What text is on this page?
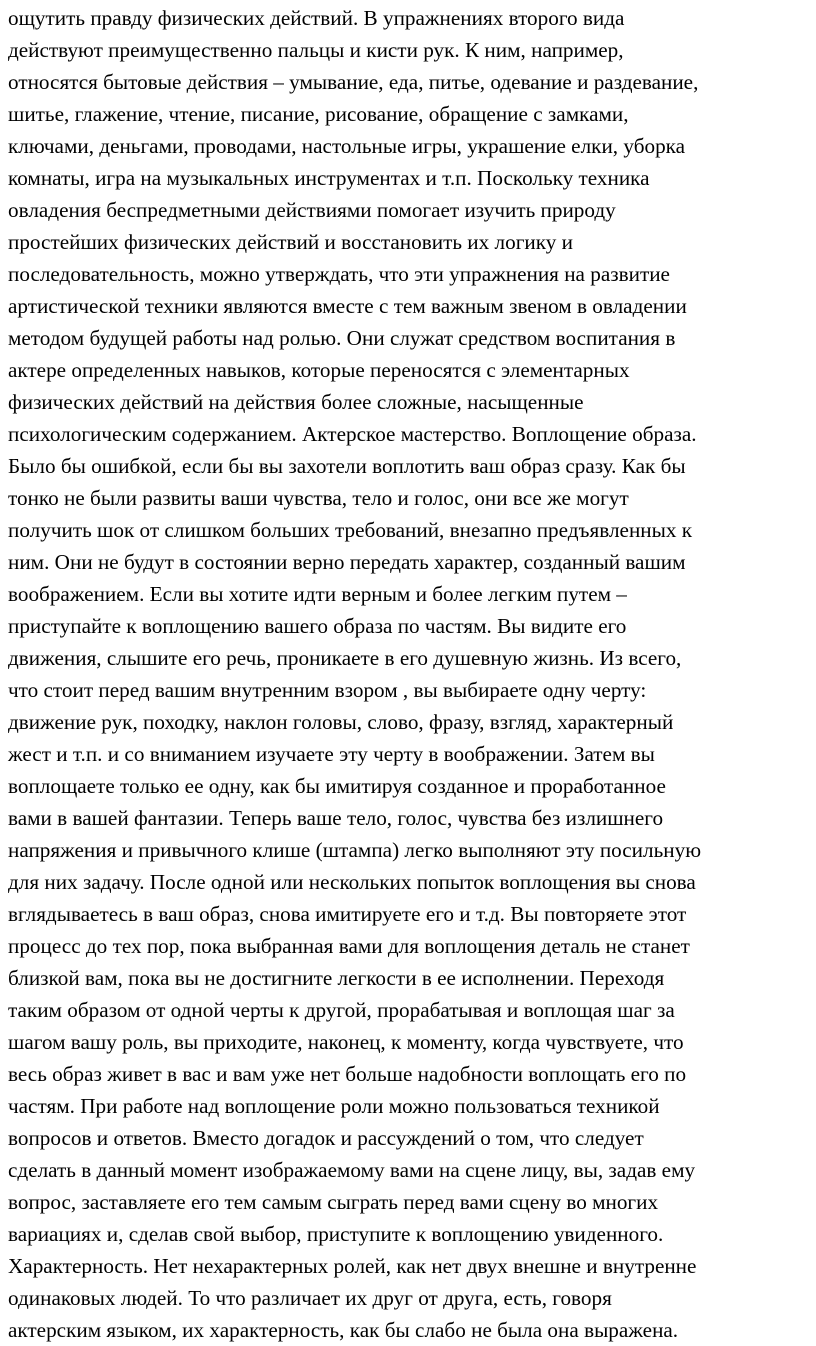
ощутить правду физических действий. В упражнениях второго вида
действуют преимущественно пальцы и кисти рук. К ним, например,
относятся бытовые действия – умывание, еда, питье, одевание и раздевание,
шитье, глажение, чтение, писание, рисование, обращение с замками,
ключами, деньгами, проводами, настольные игры, украшение елки, уборка
комнаты, игра на музыкальных инструментах и т.п. Поскольку техника
овладения беспредметными действиями помогает изучить природу
простейших физических действий и восстановить их логику и
последовательность, можно утверждать, что эти упражнения на развитие
артистической техники являются вместе с тем важным звеном в овладении
методом будущей работы над ролью. Они служат средством воспитания в
актере определенных навыков, которые переносятся с элементарных
физических действий на действия более сложные, насыщенные
психологическим содержанием. Актерское мастерство. Воплощение образа.
Было бы ошибкой, если бы вы захотели воплотить ваш образ сразу. Как бы
тонко не были развиты ваши чувства, тело и голос, они все же могут
получить шок от слишком больших требований, внезапно предъявленных к
ним. Они не будут в состоянии верно передать характер, созданный вашим
воображением. Если вы хотите идти верным и более легким путем –
приступайте к воплощению вашего образа по частям. Вы видите его
движения, слышите его речь, проникаете в его душевную жизнь. Из всего,
что стоит перед вашим внутренним взором , вы выбираете одну черту:
движение рук, походку, наклон головы, слово, фразу, взгляд, характерный
жест и т.п. и со вниманием изучаете эту черту в воображении. Затем вы
воплощаете только ее одну, как бы имитируя созданное и проработанное
вами в вашей фантазии. Теперь ваше тело, голос, чувства без излишнего
напряжения и привычного клише (штампа) легко выполняют эту посильную
для них задачу. После одной или нескольких попыток воплощения вы снова
вглядываетесь в ваш образ, снова имитируете его и т.д. Вы повторяете этот
процесс до тех пор, пока выбранная вами для воплощения деталь не станет
близкой вам, пока вы не достигните легкости в ее исполнении. Переходя
таким образом от одной черты к другой, прорабатывая и воплощая шаг за
шагом вашу роль, вы приходите, наконец, к моменту, когда чувствуете, что
весь образ живет в вас и вам уже нет больше надобности воплощать его по
частям. При работе над воплощение роли можно пользоваться техникой
вопросов и ответов. Вместо догадок и рассуждений о том, что следует
сделать в данный момент изображаемому вами на сцене лицу, вы, задав ему
вопрос, заставляете его тем самым сыграть перед вами сцену во многих
вариациях и, сделав свой выбор, приступите к воплощению увиденного.
Характерность. Нет нехарактерных ролей, как нет двух внешне и внутренне
одинаковых людей. То что различает их друг от друга, есть, говоря
актерским языком, их характерность, как бы слабо не была она выражена.
